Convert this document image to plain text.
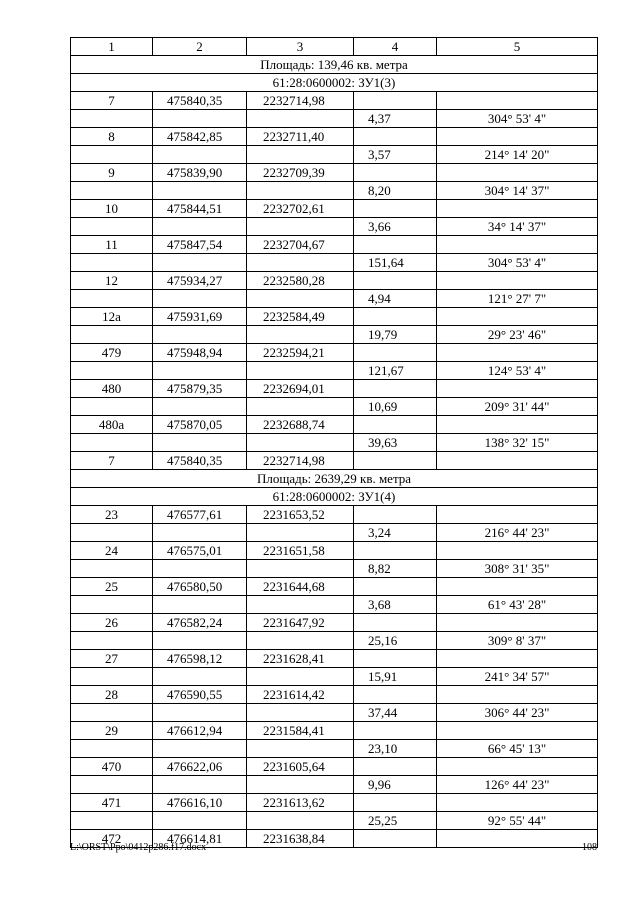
1	2	3	4	5
Площадь: 139,46 кв. метра				
61:28:0600002: ЗУ1(3)				
7	475840,35	2232714,98		
			4,37	304° 53' 4"
8	475842,85	2232711,40		
			3,57	214° 14' 20"
9	475839,90	2232709,39		
			8,20	304° 14' 37"
10	475844,51	2232702,61		
			3,66	34° 14' 37"
11	475847,54	2232704,67		
			151,64	304° 53' 4"
12	475934,27	2232580,28		
			4,94	121° 27' 7"
12а	475931,69	2232584,49		
			19,79	29° 23' 46"
479	475948,94	2232594,21		
			121,67	124° 53' 4"
480	475879,35	2232694,01		
			10,69	209° 31' 44"
480а	475870,05	2232688,74		
			39,63	138° 32' 15"
7	475840,35	2232714,98		
Площадь: 2639,29 кв. метра				
61:28:0600002: ЗУ1(4)				
23	476577,61	2231653,52		
			3,24	216° 44' 23"
24	476575,01	2231651,58		
			8,82	308° 31' 35"
25	476580,50	2231644,68		
			3,68	61° 43' 28"
26	476582,24	2231647,92		
			25,16	309° 8' 37"
27	476598,12	2231628,41		
			15,91	241° 34' 57"
28	476590,55	2231614,42		
			37,44	306° 44' 23"
29	476612,94	2231584,41		
			23,10	66° 45' 13"
470	476622,06	2231605,64		
			9,96	126° 44' 23"
471	476616,10	2231613,62		
			25,25	92° 55' 44"
472	476614,81	2231638,84		
L:\ORST\Ppo\0412p286.f17.docx	108
